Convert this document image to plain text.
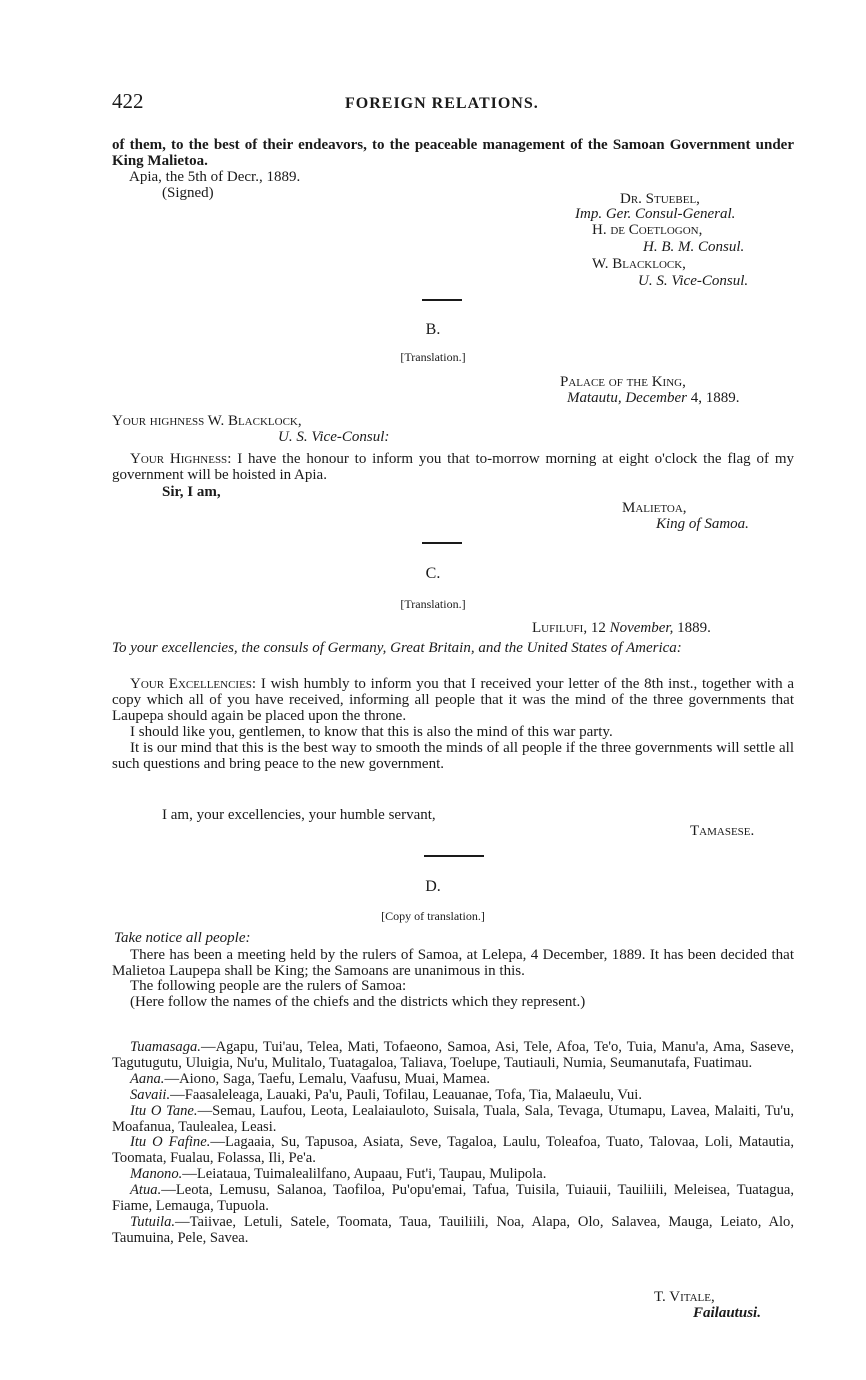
422	FOREIGN RELATIONS.

of them, to the best of their endeavors, to the peaceable management of the Samoan Government under King Malietoa.

Apia, the 5th of Decr., 1889.
(Signed)	Dr. Stuebel,
Imp. Ger. Consul-General.
H. de Coetlogon,
H. B. M. Consul.
W. Blacklock,
U. S. Vice-Consul.
B.
[Translation.]
Palace of the King,
Matautu, December 4, 1889.
Your highness W. Blacklock,
U. S. Vice-Consul:

Your Highness: I have the honour to inform you that to-morrow morning at eight o'clock the flag of my government will be hoisted in Apia.

Sir, I am,
Malietoa,
King of Samoa.
C.
[Translation.]
Lufilufi, 12 November, 1889.

To your excellencies, the consuls of Germany, Great Britain, and the United States of America:

Your Excellencies: I wish humbly to inform you that I received your letter of the 8th inst., together with a copy which all of you have received, informing all people that it was the mind of the three governments that Laupepa should again be placed upon the throne.

I should like you, gentlemen, to know that this is also the mind of this war party.

It is our mind that this is the best way to smooth the minds of all people if the three governments will settle all such questions and bring peace to the new government.

I am, your excellencies, your humble servant,
Tamasese.
D.
[Copy of translation.]
Take notice all people:

There has been a meeting held by the rulers of Samoa, at Lelepa, 4 December, 1889. It has been decided that Malietoa Laupepa shall be King; the Samoans are unanimous in this.

The following people are the rulers of Samoa:

(Here follow the names of the chiefs and the districts which they represent.)

Tuamasaga.—Agapu, Tui'au, Telea, Mati, Tofaeono, Samoa, Asi, Tele, Afoa, Te'o, Tuia, Manu'a, Ama, Saseve, Tagutugutu, Uluigia, Nu'u, Mulitalo, Tuatagaloa, Taliava, Toelupe, Tautiauli, Numia, Seumanutafa, Fuatimau.

Aana.—Aiono, Saga, Taefu, Lemalu, Vaafusu, Muai, Mamea.

Savaii.—Faasaleleaga, Lauaki, Pa'u, Pauli, Tofilau, Leauanae, Tofa, Tia, Malaeulu, Vui.

Itu O Tane.—Semau, Laufou, Leota, Lealaiauloto, Suisala, Tuala, Sala, Tevaga, Utumapu, Lavea, Malaiti, Tu'u, Moafanua, Taulealea, Leasi.

Itu O Fafine.—Lagaaia, Su, Tapusoa, Asiata, Seve, Tagaloa, Laulu, Toleafoa, Tuato, Talovaa, Loli, Matautia, Toomata, Fualau, Folassa, Ili, Pe'a.

Manono.—Leiataua, Tuimalealilfano, Aupaau, Fut'i, Taupau, Mulipola.

Atua.—Leota, Lemusu, Salanoa, Taofiloa, Pu'opu'emai, Tafua, Tuisila, Tuiauii, Tauiliili, Meleisea, Tuatagua, Fiame, Lemauga, Tupuola.

Tutuila.—Taiivae, Letuli, Satele, Toomata, Taua, Tauiliili, Noa, Alapa, Olo, Salavea, Mauga, Leiato, Alo, Taumuina, Pele, Savea.

T. Vitale,
Failautusi.
